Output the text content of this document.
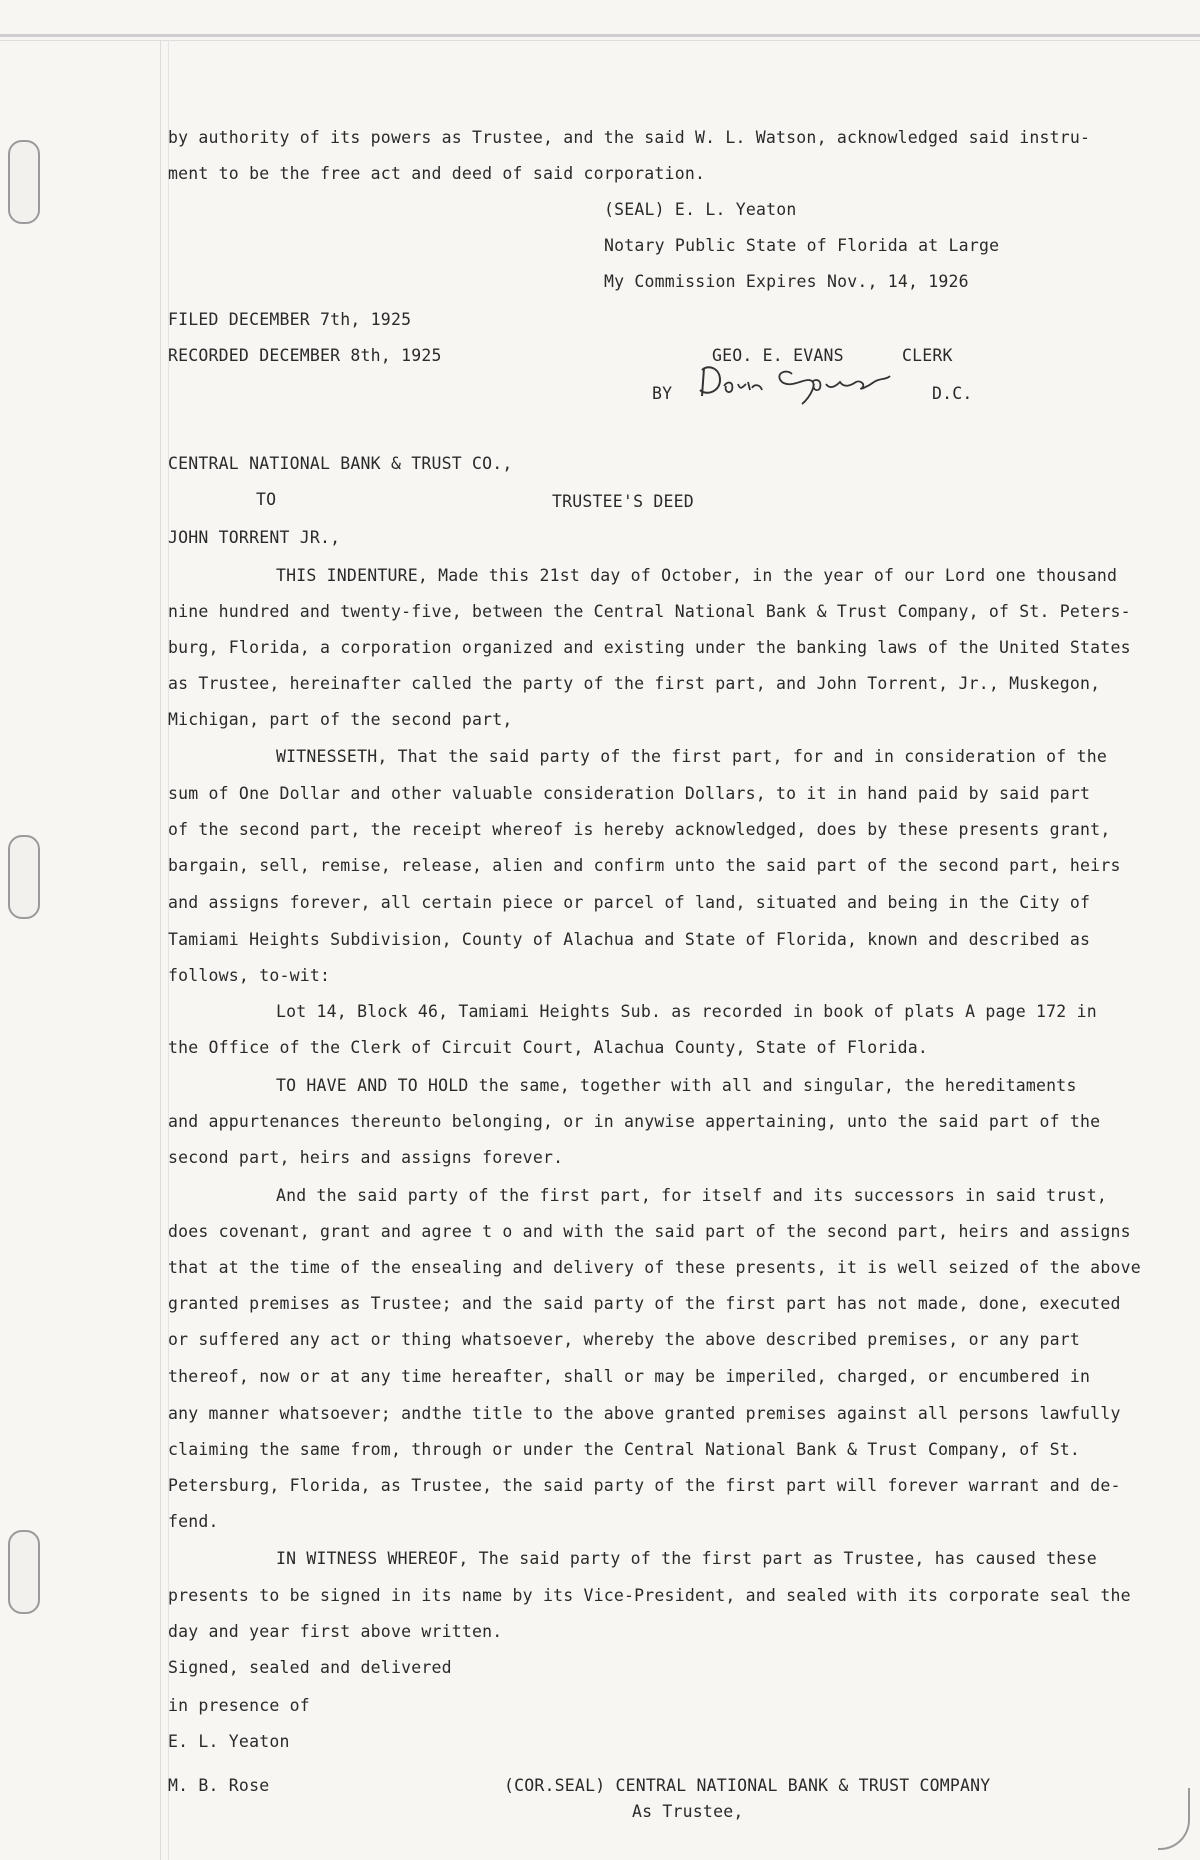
by authority of its powers as Trustee, and the said W. L. Watson, acknowledged said instru-
ment to be the free act and deed of said corporation.
(SEAL) E. L. Yeaton
Notary Public State of Florida at Large
My Commission Expires Nov., 14, 1926
FILED DECEMBER 7th, 1925
RECORDED DECEMBER 8th, 1925	GEO. E. EVANS	CLERK
BY	D.C.
CENTRAL NATIONAL BANK & TRUST CO.,
TO	TRUSTEE'S DEED
JOHN TORRENT JR.,
THIS INDENTURE, Made this 21st day of October, in the year of our Lord one thousand
nine hundred and twenty-five, between the Central National Bank & Trust Company, of St. Peters-
burg, Florida, a corporation organized and existing under the banking laws of the United States
as Trustee, hereinafter called the party of the first part, and John Torrent, Jr., Muskegon,
Michigan, part of the second part,
WITNESSETH, That the said party of the first part, for and in consideration of the
sum of One Dollar and other valuable consideration Dollars, to it in hand paid by said part
of the second part, the receipt whereof is hereby acknowledged, does by these presents grant,
bargain, sell, remise, release, alien and confirm unto the said part of the second part, heirs
and assigns forever, all certain piece or parcel of land, situated and being in the City of
Tamiami Heights Subdivision, County of Alachua and State of Florida, known and described as
follows, to-wit:
Lot 14, Block 46, Tamiami Heights Sub. as recorded in book of plats A page 172 in
the Office of the Clerk of Circuit Court, Alachua County, State of Florida.
TO HAVE AND TO HOLD the same, together with all and singular, the hereditaments
and appurtenances thereunto belonging, or in anywise appertaining, unto the said part of the
second part, heirs and assigns forever.
And the said party of the first part, for itself and its successors in said trust,
does covenant, grant and agree t o and with the said part of the second part, heirs and assigns
that at the time of the ensealing and delivery of these presents, it is well seized of the above
granted premises as Trustee; and the said party of the first part has not made, done, executed
or suffered any act or thing whatsoever, whereby the above described premises, or any part
thereof, now or at any time hereafter, shall or may be imperiled, charged, or encumbered in
any manner whatsoever; andthe title to the above granted premises against all persons lawfully
claiming the same from, through or under the Central National Bank & Trust Company, of St.
Petersburg, Florida, as Trustee, the said party of the first part will forever warrant and de-
fend.
IN WITNESS WHEREOF, The said party of the first part as Trustee, has caused these
presents to be signed in its name by its Vice-President, and sealed with its corporate seal the
day and year first above written.
Signed, sealed and delivered
in presence of
E. L. Yeaton
M. B. Rose	(COR.SEAL) CENTRAL NATIONAL BANK & TRUST COMPANY
As Trustee,
